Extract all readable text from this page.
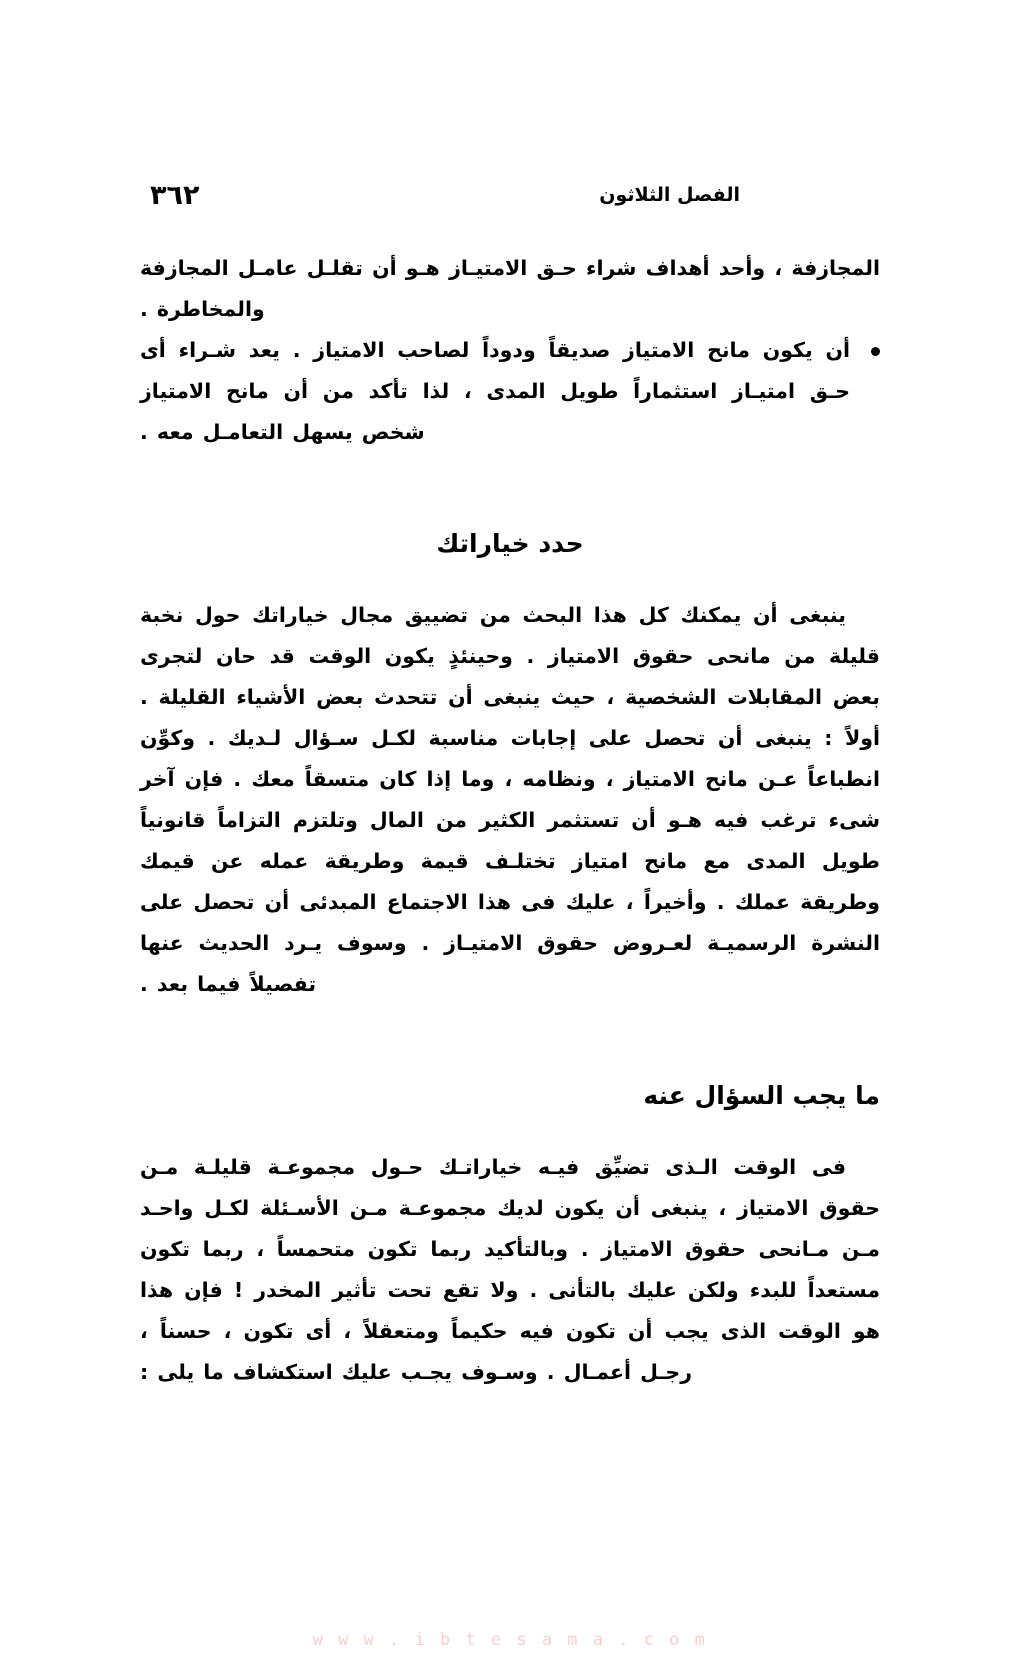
٣٦٢	الفصل الثلاثون

المجازفة ، وأحد أهداف شراء حـق الامتيـاز هـو أن تقلـل عامـل المجازفة والمخاطرة .

أن يكون مانح الامتياز صديقاً ودوداً لصاحب الامتياز . يعد شـراء أى حـق امتيـاز استثماراً طويل المدى ، لذا تأكد من أن مانح الامتياز شخص يسهل التعامـل معه .
حدد خياراتك

ينبغى أن يمكنك كل هذا البحث من تضييق مجال خياراتك حول نخبة قليلة من مانحى حقوق الامتياز . وحينئذٍ يكون الوقت قد حان لتجرى بعض المقابلات الشخصية ، حيث ينبغى أن تتحدث بعض الأشياء القليلة . أولاً : ينبغى أن تحصل على إجابات مناسبة لكـل سـؤال لـديك . وكوِّن انطباعاً عـن مانح الامتياز ، ونظامه ، وما إذا كان متسقاً معك . فإن آخر شىء ترغب فيه هـو أن تستثمر الكثير من المال وتلتزم التزاماً قانونياً طويل المدى مع مانح امتياز تختلـف قيمة وطريقة عمله عن قيمك وطريقة عملك . وأخيراً ، عليك فى هذا الاجتماع المبدئى أن تحصل على النشرة الرسميـة لعـروض حقوق الامتيـاز . وسوف يـرد الحديث عنها تفصيلاً فيما بعد .

ما يجب السؤال عنه

فى الوقت الـذى تضيِّق فيـه خياراتـك حـول مجموعـة قليلـة مـن حقوق الامتياز ، ينبغى أن يكون لديك مجموعـة مـن الأسـئلة لكـل واحـد مـن مـانحى حقوق الامتياز . وبالتأكيد ربما تكون متحمساً ، ربما تكون مستعداً للبدء ولكن عليك بالتأنى . ولا تقع تحت تأثير المخدر ! فإن هذا هو الوقت الذى يجب أن تكون فيه حكيماً ومتعقلاً ، أى تكون ، حسناً ، رجـل أعمـال . وسـوف يجـب عليك استكشاف ما يلى :

w w w . i b t e s a m a . c o m
